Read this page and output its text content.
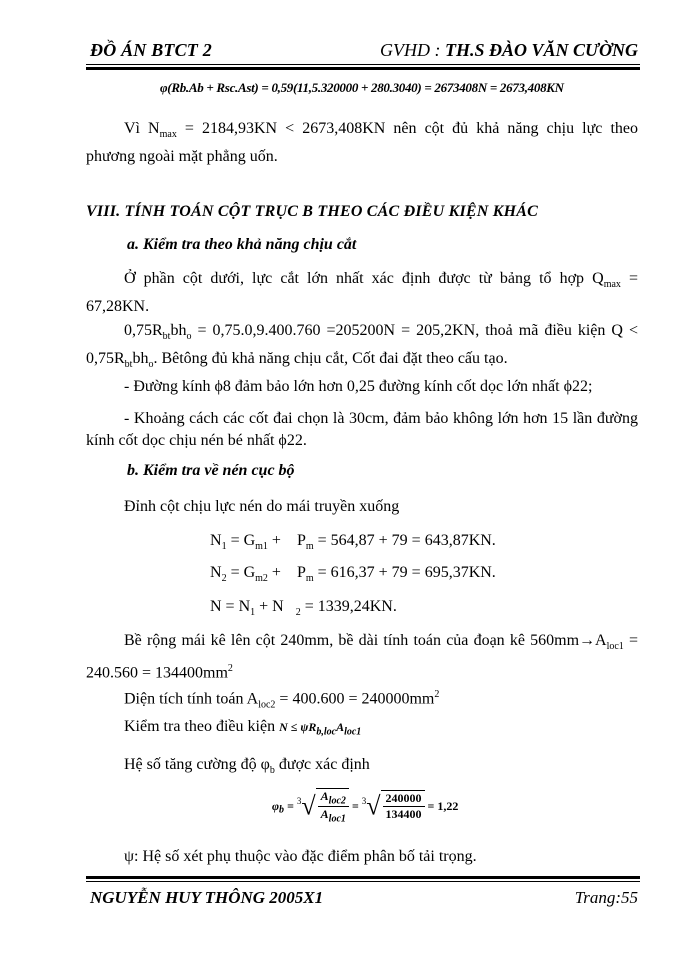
ĐỒ ÁN BTCT 2	GVHD : TH.S ĐÀO VĂN CƯỜNG
φ(Rb.Ab + Rsc.Ast) = 0,59(11,5.320000 + 280.3040) = 2673408N = 2673,408KN
Vì $N_{max} = 2184,93KN < 2673,408KN$ nên cột đủ khả năng chịu lực theo phương ngoài mặt phẳng uốn.
VIII. TÍNH TOÁN CỘT TRỤC B THEO CÁC ĐIỀU KIỆN KHÁC
a. Kiểm tra theo khả năng chịu cắt
Ở phần cột dưới, lực cắt lớn nhất xác định được từ bảng tổ hợp $Q_{max} = 67,28KN$.
$0,75R_{bt}bh_o = 0,75.0,9.400.760 =205200N = 205,2KN$, thoả mã điều kiện $Q < 0,75R_{bt}bh_o$. Bêtông đủ khả năng chịu cắt, Cốt đai đặt theo cấu tạo.
- Đường kính ϕ8 đảm bảo lớn hơn 0,25 đường kính cốt dọc lớn nhất ϕ22;
- Khoảng cách các cốt đai chọn là 30cm, đảm bảo không lớn hơn 15 lần đường kính cốt dọc chịu nén bé nhất ϕ22.
b. Kiểm tra về nén cục bộ
Đỉnh cột chịu lực nén do mái truyền xuống
$N_1 = G_{m1}$ +    $P_m = 564,87 + 79 = 643,87KN$.
$N_2 = G_{m2}$ +    $P_m = 616,37 + 79 = 695,37KN$.
$N = N_1 + N$   $_2$ = 1339,24KN.
Bề rộng mái kê lên cột 240mm, bề dài tính toán của đoạn kê $560mm\to A_{loc1} = 240.560 = 134400mm^2$
Diện tích tính toán $A_{loc2} = 400.600 = 240000mm^2$
Kiểm tra theo điều kiện $N \le \psi R_{b,loc}A_{loc1}$
Hệ số tăng cường độ $\varphi_b$ được xác định
$\varphi_b = ^3√ \frac{A_{loc2}}{A_{loc1}} = ^3√ \frac{240000}{134400} = 1,22$
ψ: Hệ số xét phụ thuộc vào đặc điểm phân bố tải trọng.
NGUYỄN HUY THÔNG 2005X1	Trang:55
